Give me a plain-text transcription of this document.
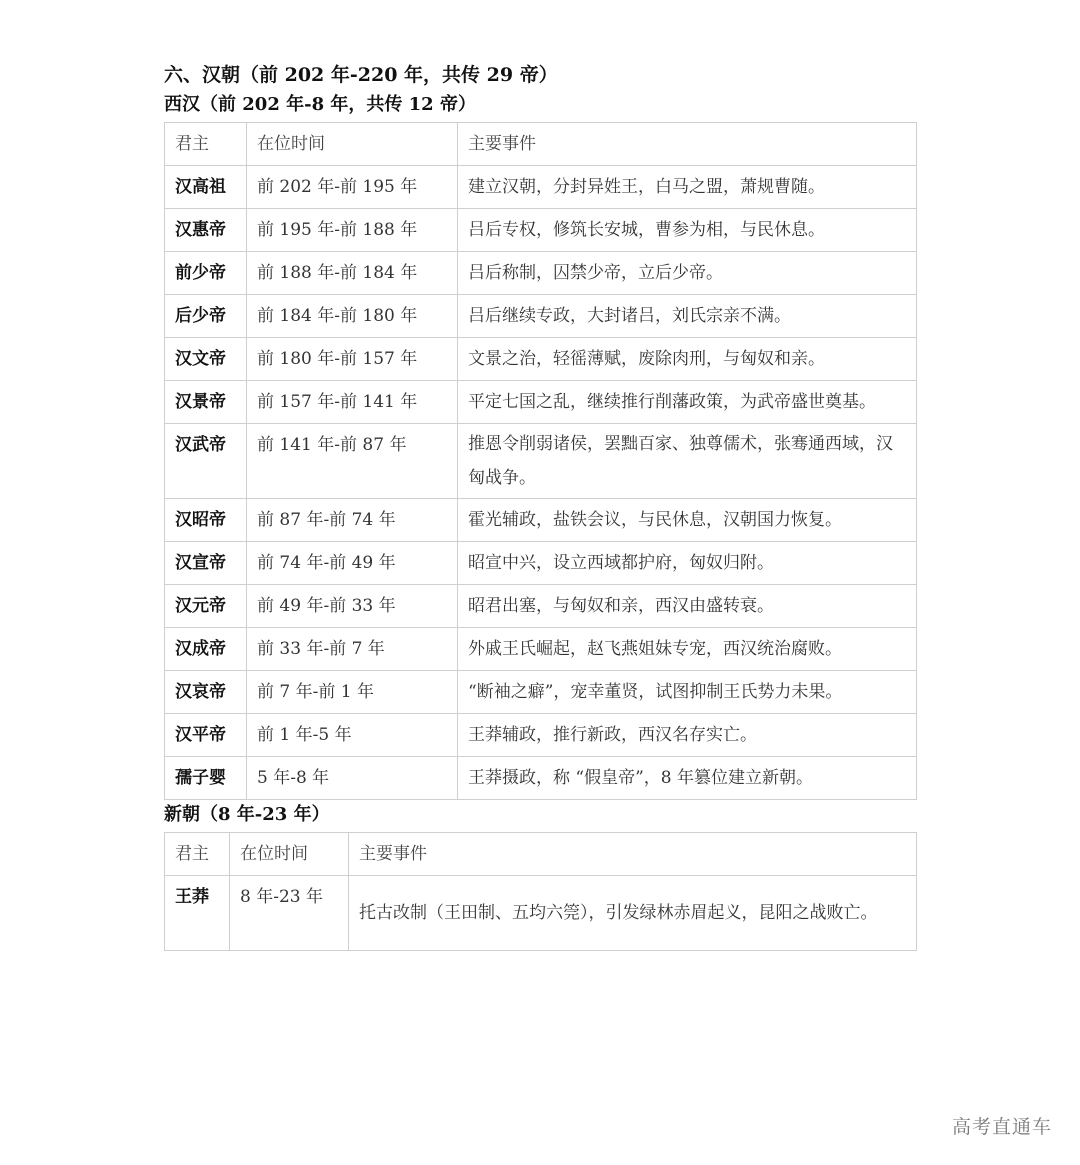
六、汉朝（前 202 年-220 年，共传 29 帝）
西汉（前 202 年-8 年，共传 12 帝）
君主	在位时间	主要事件
汉高祖	前 202 年-前 195 年	建立汉朝，分封异姓王，白马之盟，萧规曹随。
汉惠帝	前 195 年-前 188 年	吕后专权，修筑长安城，曹参为相，与民休息。
前少帝	前 188 年-前 184 年	吕后称制，囚禁少帝，立后少帝。
后少帝	前 184 年-前 180 年	吕后继续专政，大封诸吕，刘氏宗亲不满。
汉文帝	前 180 年-前 157 年	文景之治，轻徭薄赋，废除肉刑，与匈奴和亲。
汉景帝	前 157 年-前 141 年	平定七国之乱，继续推行削藩政策，为武帝盛世奠基。
汉武帝	前 141 年-前 87 年	推恩令削弱诸侯，罢黜百家、独尊儒术，张骞通西域，汉匈战争。
汉昭帝	前 87 年-前 74 年	霍光辅政，盐铁会议，与民休息，汉朝国力恢复。
汉宣帝	前 74 年-前 49 年	昭宣中兴，设立西域都护府，匈奴归附。
汉元帝	前 49 年-前 33 年	昭君出塞，与匈奴和亲，西汉由盛转衰。
汉成帝	前 33 年-前 7 年	外戚王氏崛起，赵飞燕姐妹专宠，西汉统治腐败。
汉哀帝	前 7 年-前 1 年	“断袖之癖”，宠幸董贤，试图抑制王氏势力未果。
汉平帝	前 1 年-5 年	王莽辅政，推行新政，西汉名存实亡。
孺子婴	5 年-8 年	王莽摄政，称 “假皇帝”，8 年篡位建立新朝。
新朝（8 年-23 年）
君主	在位时间	主要事件
王莽	8 年-23 年	托古改制（王田制、五均六筦），引发绿林赤眉起义，昆阳之战败亡。
高考直通车
